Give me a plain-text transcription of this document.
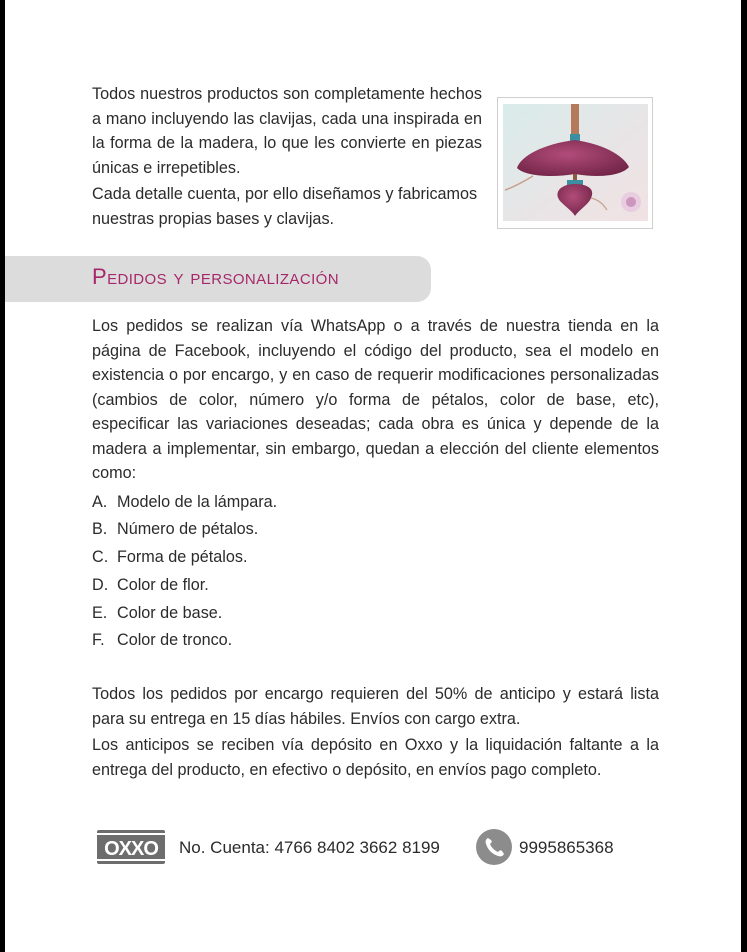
Todos nuestros productos son completamente hechos a mano incluyendo las clavijas, cada una inspirada en la forma de la madera, lo que les convierte en piezas únicas e irrepetibles.

Cada detalle cuenta, por ello diseñamos y fabricamos nuestras propias bases y clavijas.

Pedidos y personalización

Los pedidos se realizan vía WhatsApp o a través de nuestra tienda en la página de Facebook, incluyendo el código del producto, sea el modelo en existencia o por encargo, y en caso de requerir modificaciones personalizadas (cambios de color, número y/o forma de pétalos, color de base, etc), especificar las variaciones deseadas; cada obra es única y depende de la madera a implementar, sin embargo, quedan a elección del cliente elementos como:

A. Modelo de la lámpara.
B. Número de pétalos.
C. Forma de pétalos.
D. Color de flor.
E. Color de base.
F. Color de tronco.

Todos los pedidos por encargo requieren del 50% de anticipo y estará lista para su entrega en 15 días hábiles. Envíos con cargo extra.

Los anticipos se reciben vía depósito en Oxxo y la liquidación faltante a la entrega del producto, en efectivo o depósito, en envíos pago completo.

OXXO No. Cuenta: 4766 8402 3662 8199	9995865368
